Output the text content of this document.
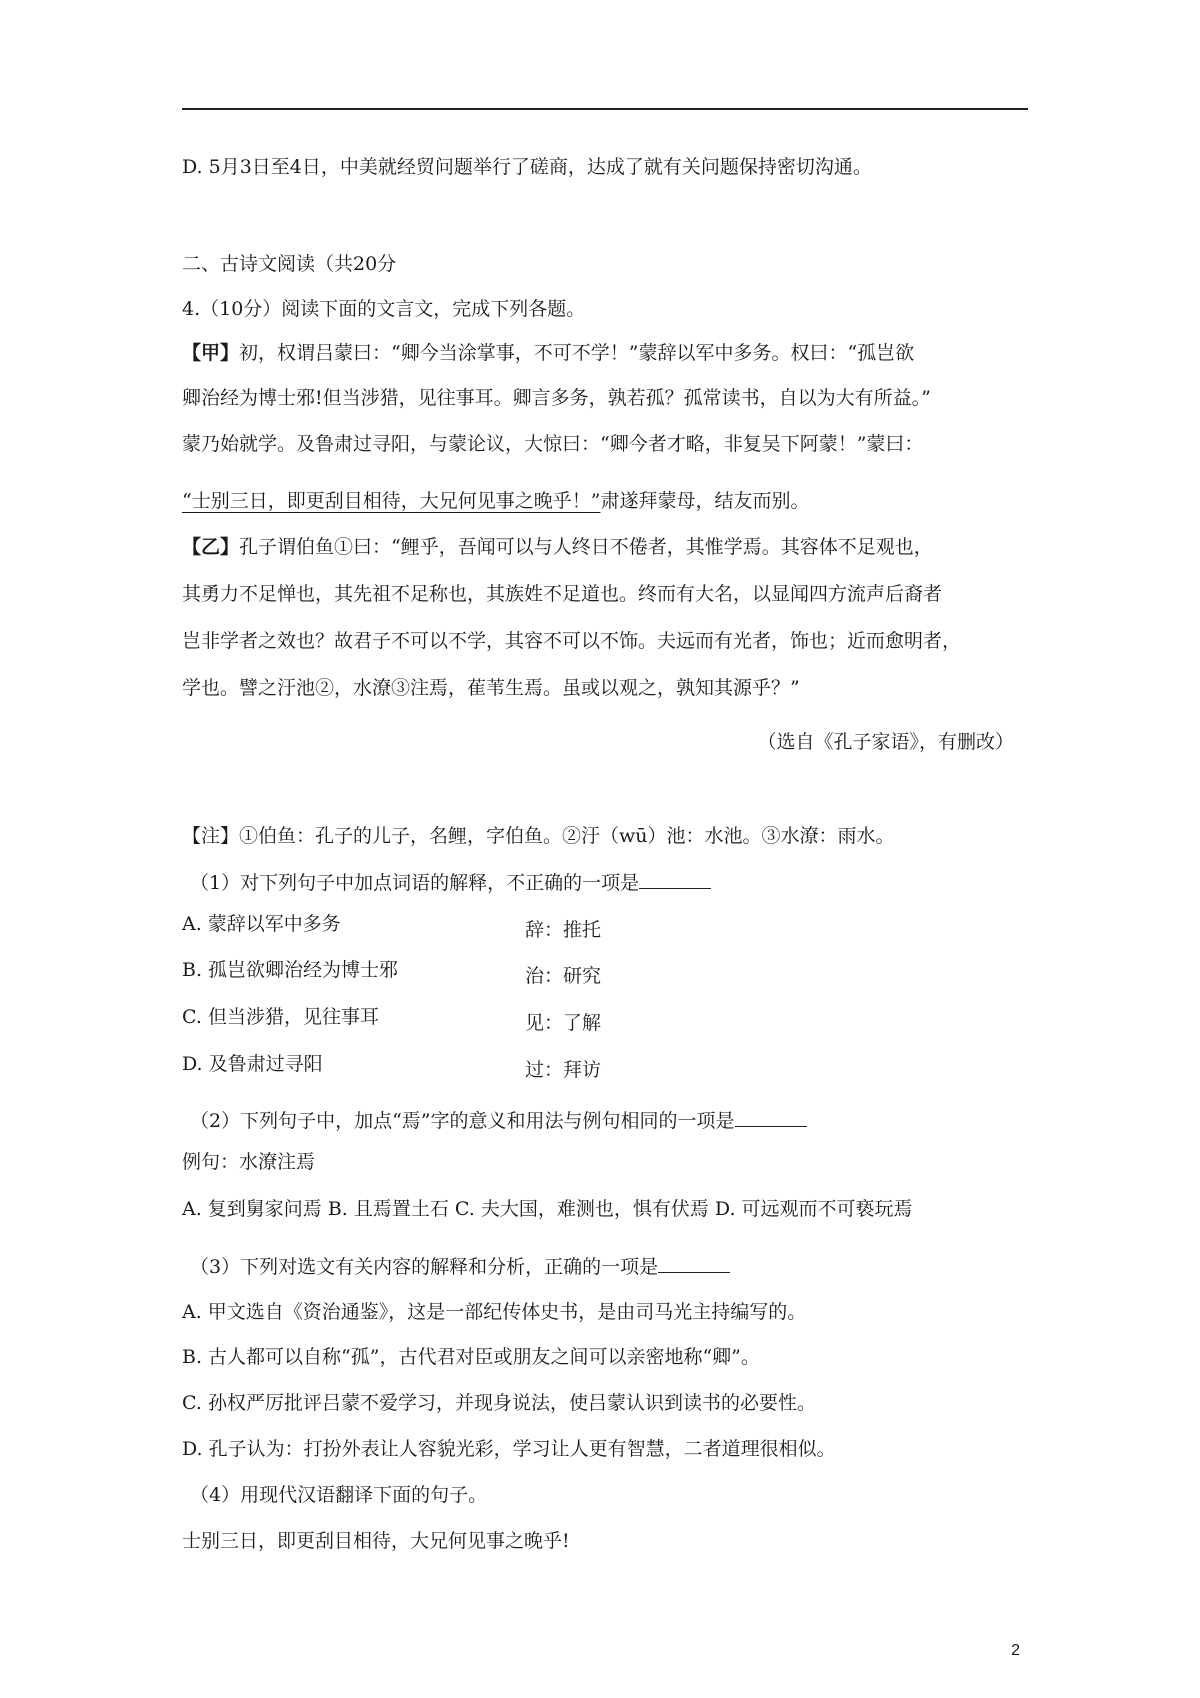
D. 5月3日至4日，中美就经贸问题举行了磋商，达成了就有关问题保持密切沟通。
二、古诗文阅读（共20分
4.（10分）阅读下面的文言文，完成下列各题。
【甲】初，权谓吕蒙曰：“卿今当涂掌事，不可不学！”蒙辞以军中多务。权曰：“孤岂欲
卿治经为博士邪!但当涉猎，见往事耳。卿言多务，孰若孤？孤常读书，自以为大有所益。”
蒙乃始就学。及鲁肃过寻阳，与蒙论议，大惊曰：“卿今者才略，非复吴下阿蒙！”蒙曰：
“士别三日，即更刮目相待，大兄何见事之晚乎！”肃遂拜蒙母，结友而别。
【乙】孔子谓伯鱼①曰：“鲤乎，吾闻可以与人终日不倦者，其惟学焉。其容体不足观也，
其勇力不足惮也，其先祖不足称也，其族姓不足道也。终而有大名，以显闻四方流声后裔者
岂非学者之效也？故君子不可以不学，其容不可以不饰。夫远而有光者，饰也；近而愈明者，
学也。譬之汙池②，水潦③注焉，萑苇生焉。虽或以观之，孰知其源乎？”
（选自《孔子家语》，有删改）
【注】①伯鱼：孔子的儿子，名鲤，字伯鱼。②汙（wū）池：水池。③水潦：雨水。
（1）对下列句子中加点词语的解释，不正确的一项是
A. 蒙辞以军中多务	辞：推托
B. 孤岂欲卿治经为博士邪	治：研究
C. 但当涉猎，见往事耳	见：了解
D. 及鲁肃过寻阳	过：拜访
（2）下列句子中，加点“焉”字的意义和用法与例句相同的一项是
例句：水潦注焉
A. 复到舅家问焉 B. 且焉置土石 C. 夫大国，难测也，惧有伏焉 D. 可远观而不可亵玩焉
（3）下列对选文有关内容的解释和分析，正确的一项是
A. 甲文选自《资治通鉴》，这是一部纪传体史书，是由司马光主持编写的。
B. 古人都可以自称“孤”，古代君对臣或朋友之间可以亲密地称“卿”。
C. 孙权严厉批评吕蒙不爱学习，并现身说法，使吕蒙认识到读书的必要性。
D. 孔子认为：打扮外表让人容貌光彩，学习让人更有智慧，二者道理很相似。
（4）用现代汉语翻译下面的句子。
士别三日，即更刮目相待，大兄何见事之晚乎!
2
